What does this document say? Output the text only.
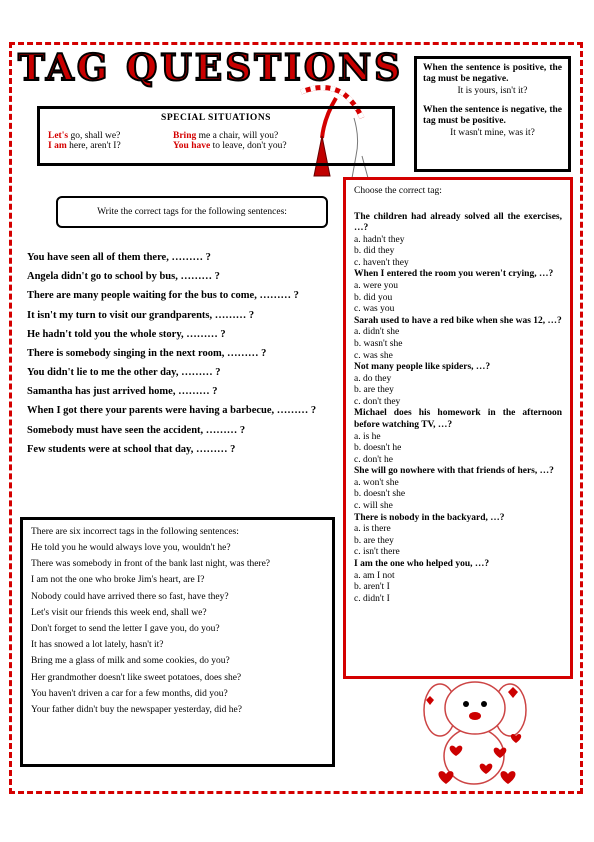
TAG QUESTIONS When the sentence is positive, the tag must be negative.

It is yours, isn't it?

When the sentence is negative, the tag must be positive.

It wasn't mine, was it?

SPECIAL SITUATIONS
Let's go, shall we?	Bring me a chair, will you?
I am here, aren't I?	You have to leave, don't you?
Write the correct tags for the following sentences:
You have seen all of them there, ……… ?
Angela didn't go to school by bus, ……… ?
There are many people waiting for the bus to come, ……… ?
It isn't my turn to visit our grandparents, ……… ?
He hadn't told you the whole story, ……… ?
There is somebody singing in the next room, ……… ?
You didn't lie to me the other day, ……… ?
Samantha has just arrived home, ……… ?
When I got there your parents were having a barbecue, ……… ?
Somebody must have seen the accident, ……… ?
Few students were at school that day, ……… ?
There are six incorrect tags in the following sentences:
He told you he would always love you, wouldn't he?
There was somebody in front of the bank last night, was there?
I am not the one who broke Jim's heart, are I?
Nobody could have arrived there so fast, have they?
Let's visit our friends this week end, shall we?
Don't forget to send the letter I gave you, do you?
It has snowed a lot lately, hasn't it?
Bring me a glass of milk and some cookies, do you?
Her grandmother doesn't like sweet potatoes, does she?
You haven't driven a car for a few months, did you?
Your father didn't buy the newspaper yesterday, did he?
Choose the correct tag:
The children had already solved all the exercises, …?
a. hadn't they
b. did they
c. haven't they
When I entered the room you weren't crying, …?
a. were you
b. did you
c. was you
Sarah used to have a red bike when she was 12, …?
a. didn't she
b. wasn't she
c. was she
Not many people like spiders, …?
a. do they
b. are they
c. don't they
Michael does his homework in the afternoon before watching TV, …?
a. is he
b. doesn't he
c. don't he
She will go nowhere with that friends of hers, …?
a. won't she
b. doesn't she
c. will she
There is nobody in the backyard, …?
a. is there
b. are they
c. isn't there
I am the one who helped you, …?
a. am I not
b. aren't I
c. didn't I
